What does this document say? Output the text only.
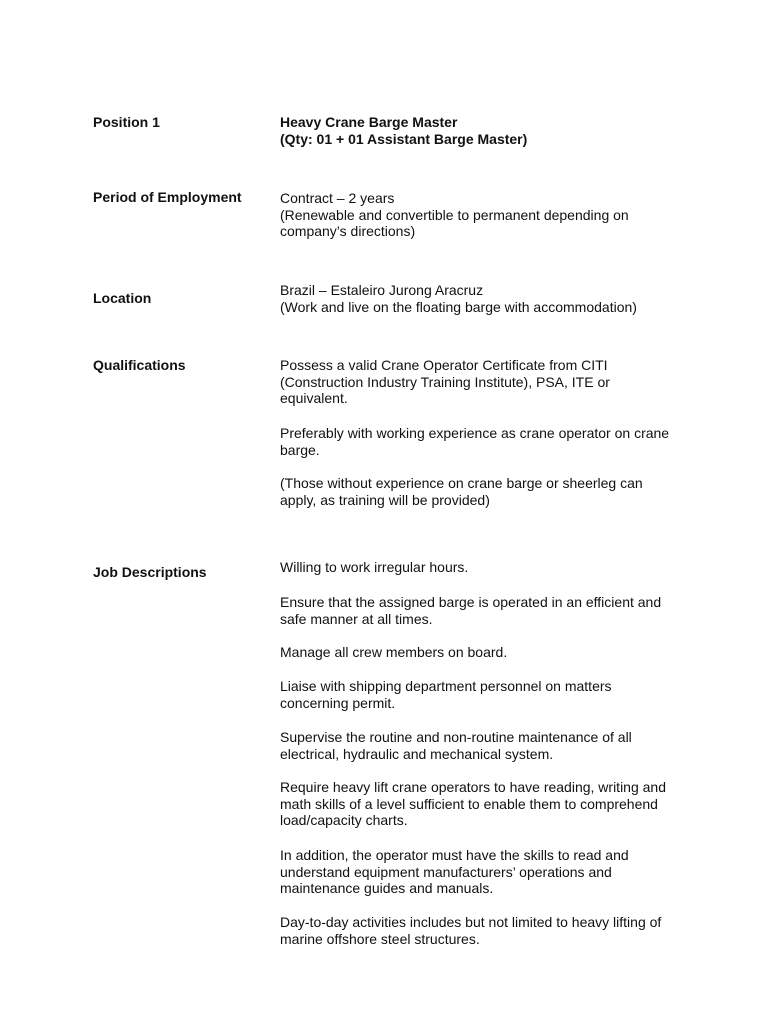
Position 1	Heavy Crane Barge Master
(Qty: 01 + 01 Assistant Barge Master)
Period of Employment	Contract – 2 years
(Renewable and convertible to permanent depending on
company’s directions)
Location	Brazil – Estaleiro Jurong Aracruz
(Work and live on the floating barge with accommodation)
Qualifications	Possess a valid Crane Operator Certificate from CITI
(Construction Industry Training Institute), PSA, ITE or
equivalent.
Preferably with working experience as crane operator on crane
barge.
(Those without experience on crane barge or sheerleg can
apply, as training will be provided)
Job Descriptions	Willing to work irregular hours.
Ensure that the assigned barge is operated in an efficient and
safe manner at all times.
Manage all crew members on board.
Liaise with shipping department personnel on matters
concerning permit.
Supervise the routine and non-routine maintenance of all
electrical, hydraulic and mechanical system.
Require heavy lift crane operators to have reading, writing and
math skills of a level sufficient to enable them to comprehend
load/capacity charts.
In addition, the operator must have the skills to read and
understand equipment manufacturers’ operations and
maintenance guides and manuals.
Day-to-day activities includes but not limited to heavy lifting of
marine offshore steel structures.
